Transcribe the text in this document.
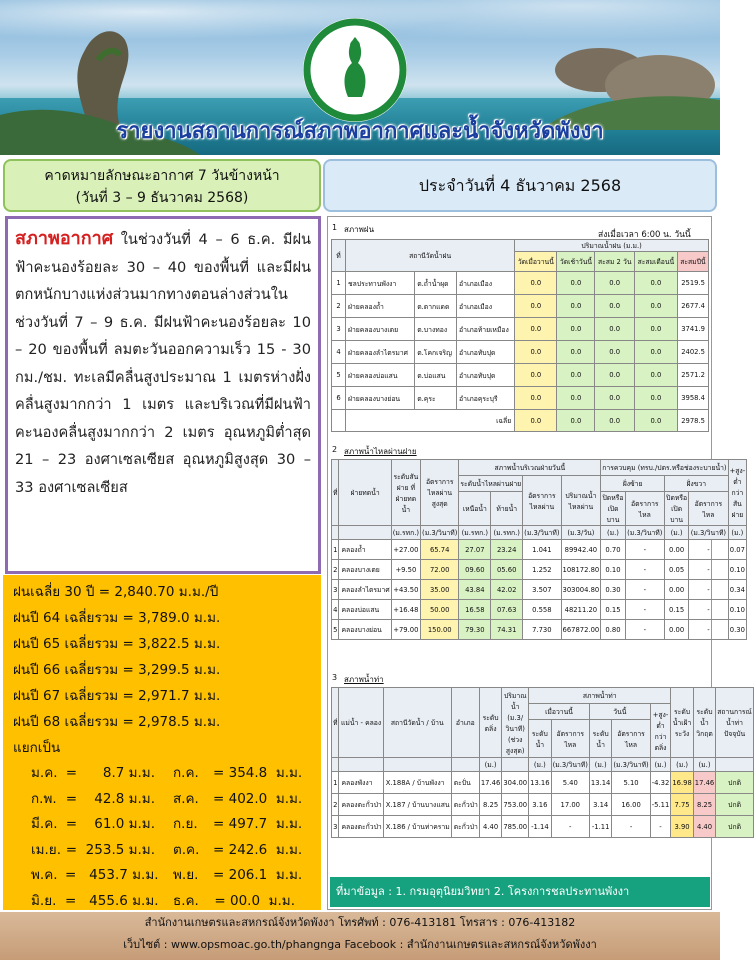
รายงานสถานการณ์สภาพอากาศและน้ำจังหวัดพังงา
คาดหมายลักษณะอากาศ 7 วันข้างหน้า
(วันที่ 3 – 9 ธันวาคม 2568)
ประจำวันที่ 4 ธันวาคม 2568

สภาพอากาศ ในช่วงวันที่ 4 – 6 ธ.ค. มีฝนฟ้าคะนองร้อยละ 30 – 40 ของพื้นที่ และมีฝนตกหนักบางแห่งส่วนมากทางตอนล่างส่วนในช่วงวันที่ 7 – 9 ธ.ค. มีฝนฟ้าคะนองร้อยละ 10 – 20 ของพื้นที่ ลมตะวันออกความเร็ว 15 - 30 กม./ชม. ทะเลมีคลื่นสูงประมาณ 1 เมตรห่างฝั่ง คลื่นสูงมากกว่า 1 เมตร และบริเวณที่มีฝนฟ้าคะนองคลื่นสูงมากกว่า 2 เมตร อุณหภูมิต่ำสุด 21 – 23 องศาเซลเซียส อุณหภูมิสูงสุด 30 – 33 องศาเซลเซียส

ฝนเฉลี่ย 30 ปี = 2,840.70 ม.ม./ปี
ฝนปี 64 เฉลี่ยรวม = 3,789.0 ม.ม.
ฝนปี 65 เฉลี่ยรวม = 3,822.5 ม.ม.
ฝนปี 66 เฉลี่ยรวม = 3,299.5 ม.ม.
ฝนปี 67 เฉลี่ยรวม = 2,971.7 ม.ม.
ฝนปี 68 เฉลี่ยรวม = 2,978.5 ม.ม.
แยกเป็น
ม.ค. =      8.7 ม.ม.	ก.ค.	= 354.8  ม.ม.
ก.พ. =    42.8 ม.ม.	ส.ค.	= 402.0  ม.ม.
มี.ค. =    61.0 ม.ม.	ก.ย.	= 497.7  ม.ม.
เม.ย. =  253.5 ม.ม.	ต.ค.	= 242.6  ม.ม.
พ.ค. =   453.7 ม.ม.	พ.ย.	= 206.1  ม.ม.
มิ.ย. =   455.6 ม.ม.	ธ.ค.	= 00.0  ม.ม.
1 สภาพฝน
ส่งเมื่อเวลา 6:00 น. วันนี้
ที่	สถานีวัดน้ำฝน			ปริมาณน้ำฝน (ม.ม.)				
				วัดเมื่อวานนี้	วัดเช้าวันนี้	สะสม 2 วัน	สะสมเดือนนี้	สะสมปีนี้
1	ชลประทานพังงา	ต.ถ้ำน้ำผุด	อำเภอเมือง	0.0	0.0	0.0	0.0	2519.5
2	ฝ่ายคลองถ้ำ	ต.ตากแดด	อำเภอเมือง	0.0	0.0	0.0	0.0	2677.4
3	ฝ่ายคลองบางเตย	ต.บางทอง	อำเภอท้ายเหมือง	0.0	0.0	0.0	0.0	3741.9
4	ฝ่ายคลองลำไตรมาศ	ต.โคกเจริญ	อำเภอทับปุด	0.0	0.0	0.0	0.0	2402.5
5	ฝ่ายคลองบ่อแสน	ต.บ่อแสน	อำเภอทับปุด	0.0	0.0	0.0	0.0	2571.2
6	ฝ่ายคลองบางย่อน	ต.คุระ	อำเภอคุระบุรี	0.0	0.0	0.0	0.0	3958.4
	เฉลี่ย			0.0	0.0	0.0	0.0	2978.5
2 สภาพน้ำไหลผ่านฝาย
ที่	ฝ่ายทดน้ำ	ระดับสันฝาย ที่ฝ่ายทดน้ำ	อัตราการไหลผ่านสูงสุด	สภาพน้ำบริเวณฝ่ายวันนี้				การควบคุม (ทรบ./ปตร.หรือช่องระบายน้ำ)				+สูง-ต่ำ กว่าสันฝาย
				ระดับน้ำไหลผ่านฝาย		อัตราการไหลผ่าน	ปริมาณน้ำไหลผ่าน	ฝั่งซ้าย		ฝั่งขวา		
				เหนือน้ำ	ท้ายน้ำ			ปิดหรือเปิดบาน	อัตราการไหล	ปิดหรือเปิดบาน	อัตราการไหล	
		(ม.รทก.)	(ม.3/วินาที)	(ม.รทก.)	(ม.รทก.)	(ม.3/วินาที)	(ม.3/วัน)	(ม.)	(ม.3/วินาที)	(ม.)	(ม.3/วินาที)	(ม.)
1	คลองถ้ำ	+27.00	65.74	27.07	23.24	1.041	89942.40	0.70	-	0.00	-	0.07
2	คลองบางเตย	+9.50	72.00	09.60	05.60	1.252	108172.80	0.10	-	0.05	-	0.10
3	คลองลำไตรมาศ	+43.50	35.00	43.84	42.02	3.507	303004.80	0.30	-	0.00	-	0.34
4	คลองบ่อแสน	+16.48	50.00	16.58	07.63	0.558	48211.20	0.15	-	0.15	-	0.10
5	คลองบางย่อน	+79.00	150.00	79.30	74.31	7.730	667872.00	0.80	-	0.00	-	0.30
3 สภาพน้ำท่า
ที่	แม่น้ำ - คลอง	สถานีวัดน้ำ / บ้าน	อำเภอ	ระดับตลิ่ง	ปริมาณน้ำ (ม.3/วินาที) (ช่วงสูงสุด)	สภาพน้ำท่า					ระดับน้ำเฝ้าระวัง	ระดับน้ำวิกฤต	สถานการณ์น้ำท่า ปัจจุบัน
						เมื่อวานนี้		วันนี้		+สูง-ต่ำ กว่าตลิ่ง			
						ระดับน้ำ	อัตราการไหล	ระดับน้ำ	อัตราการไหล				
				(ม.)		(ม.)	(ม.3/วินาที)	(ม.)	(ม.3/วินาที)	(ม.)	(ม.)	(ม.)	
1	คลองพังงา	X.188A / บ้านพังงา	ตะปั่น	17.46	304.00	13.16	5.40	13.14	5.10	-4.32	16.98	17.46	ปกติ
2	คลองตะกั่วป่า	X.187 / บ้านบางแสน	ตะกั่วป่า	8.25	753.00	3.16	17.00	3.14	16.00	-5.11	7.75	8.25	ปกติ
3	คลองตะกั่วป่า	X.186 / บ้านท่าคราม	ตะกั่วป่า	4.40	785.00	-1.14	-	-1.11	-	-	3.90	4.40	ปกติ
ที่มาข้อมูล : 1. กรมอุตุนิยมวิทยา 2. โครงการชลประทานพังงา
สำนักงานเกษตรและสหกรณ์จังหวัดพังงา โทรศัพท์ : 076-413181 โทรสาร : 076-413182
เว็บไซต์ : www.opsmoac.go.th/phangnga Facebook : สำนักงานเกษตรและสหกรณ์จังหวัดพังงา
